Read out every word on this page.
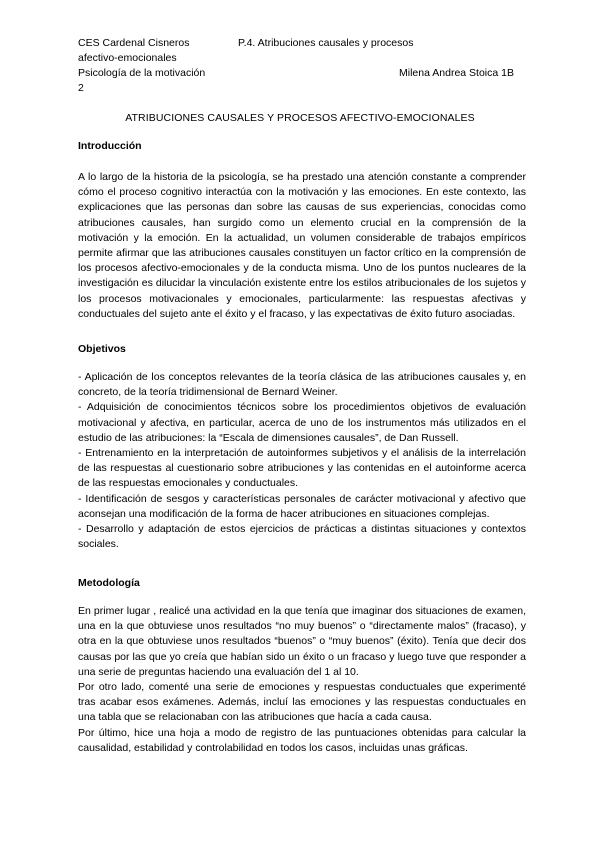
CES Cardenal Cisneros	P.4. Atribuciones causales y procesos
afectivo-emocionales
Psicología de la motivación	Milena Andrea Stoica 1B
2
ATRIBUCIONES CAUSALES Y PROCESOS AFECTIVO-EMOCIONALES
Introducción

A lo largo de la historia de la psicología, se ha prestado una atención constante a comprender cómo el proceso cognitivo interactúa con la motivación y las emociones. En este contexto, las explicaciones que las personas dan sobre las causas de sus experiencias, conocidas como atribuciones causales, han surgido como un elemento crucial en la comprensión de la motivación y la emoción. En la actualidad, un volumen considerable de trabajos empíricos permite afirmar que las atribuciones causales constituyen un factor crítico en la comprensión de los procesos afectivo-emocionales y de la conducta misma. Uno de los puntos nucleares de la investigación es dilucidar la vinculación existente entre los estilos atribucionales de los sujetos y los procesos motivacionales y emocionales, particularmente: las respuestas afectivas y conductuales del sujeto ante el éxito y el fracaso, y las expectativas de éxito futuro asociadas.

Objetivos

- Aplicación de los conceptos relevantes de la teoría clásica de las atribuciones causales y, en concreto, de la teoría tridimensional de Bernard Weiner.

- Adquisición de conocimientos técnicos sobre los procedimientos objetivos de evaluación motivacional y afectiva, en particular, acerca de uno de los instrumentos más utilizados en el estudio de las atribuciones: la “Escala de dimensiones causales”, de Dan Russell.

- Entrenamiento en la interpretación de autoinformes subjetivos y el análisis de la interrelación de las respuestas al cuestionario sobre atribuciones y las contenidas en el autoinforme acerca de las respuestas emocionales y conductuales.

- Identificación de sesgos y características personales de carácter motivacional y afectivo que aconsejan una modificación de la forma de hacer atribuciones en situaciones complejas.

- Desarrollo y adaptación de estos ejercicios de prácticas a distintas situaciones y contextos sociales.

Metodología

En primer lugar , realicé una actividad en la que tenía que imaginar dos situaciones de examen, una en la que obtuviese unos resultados “no muy buenos” o “directamente malos” (fracaso), y otra en la que obtuviese unos resultados “buenos” o “muy buenos” (éxito). Tenía que decir dos causas por las que yo creía que habían sido un éxito o un fracaso y luego tuve que responder a una serie de preguntas haciendo una evaluación del 1 al 10.

Por otro lado, comenté una serie de emociones y respuestas conductuales que experimenté tras acabar esos exámenes. Además, incluí las emociones y las respuestas conductuales en una tabla que se relacionaban con las atribuciones que hacía a cada causa.

Por último, hice una hoja a modo de registro de las puntuaciones obtenidas para calcular la causalidad, estabilidad y controlabilidad en todos los casos, incluidas unas gráficas.
